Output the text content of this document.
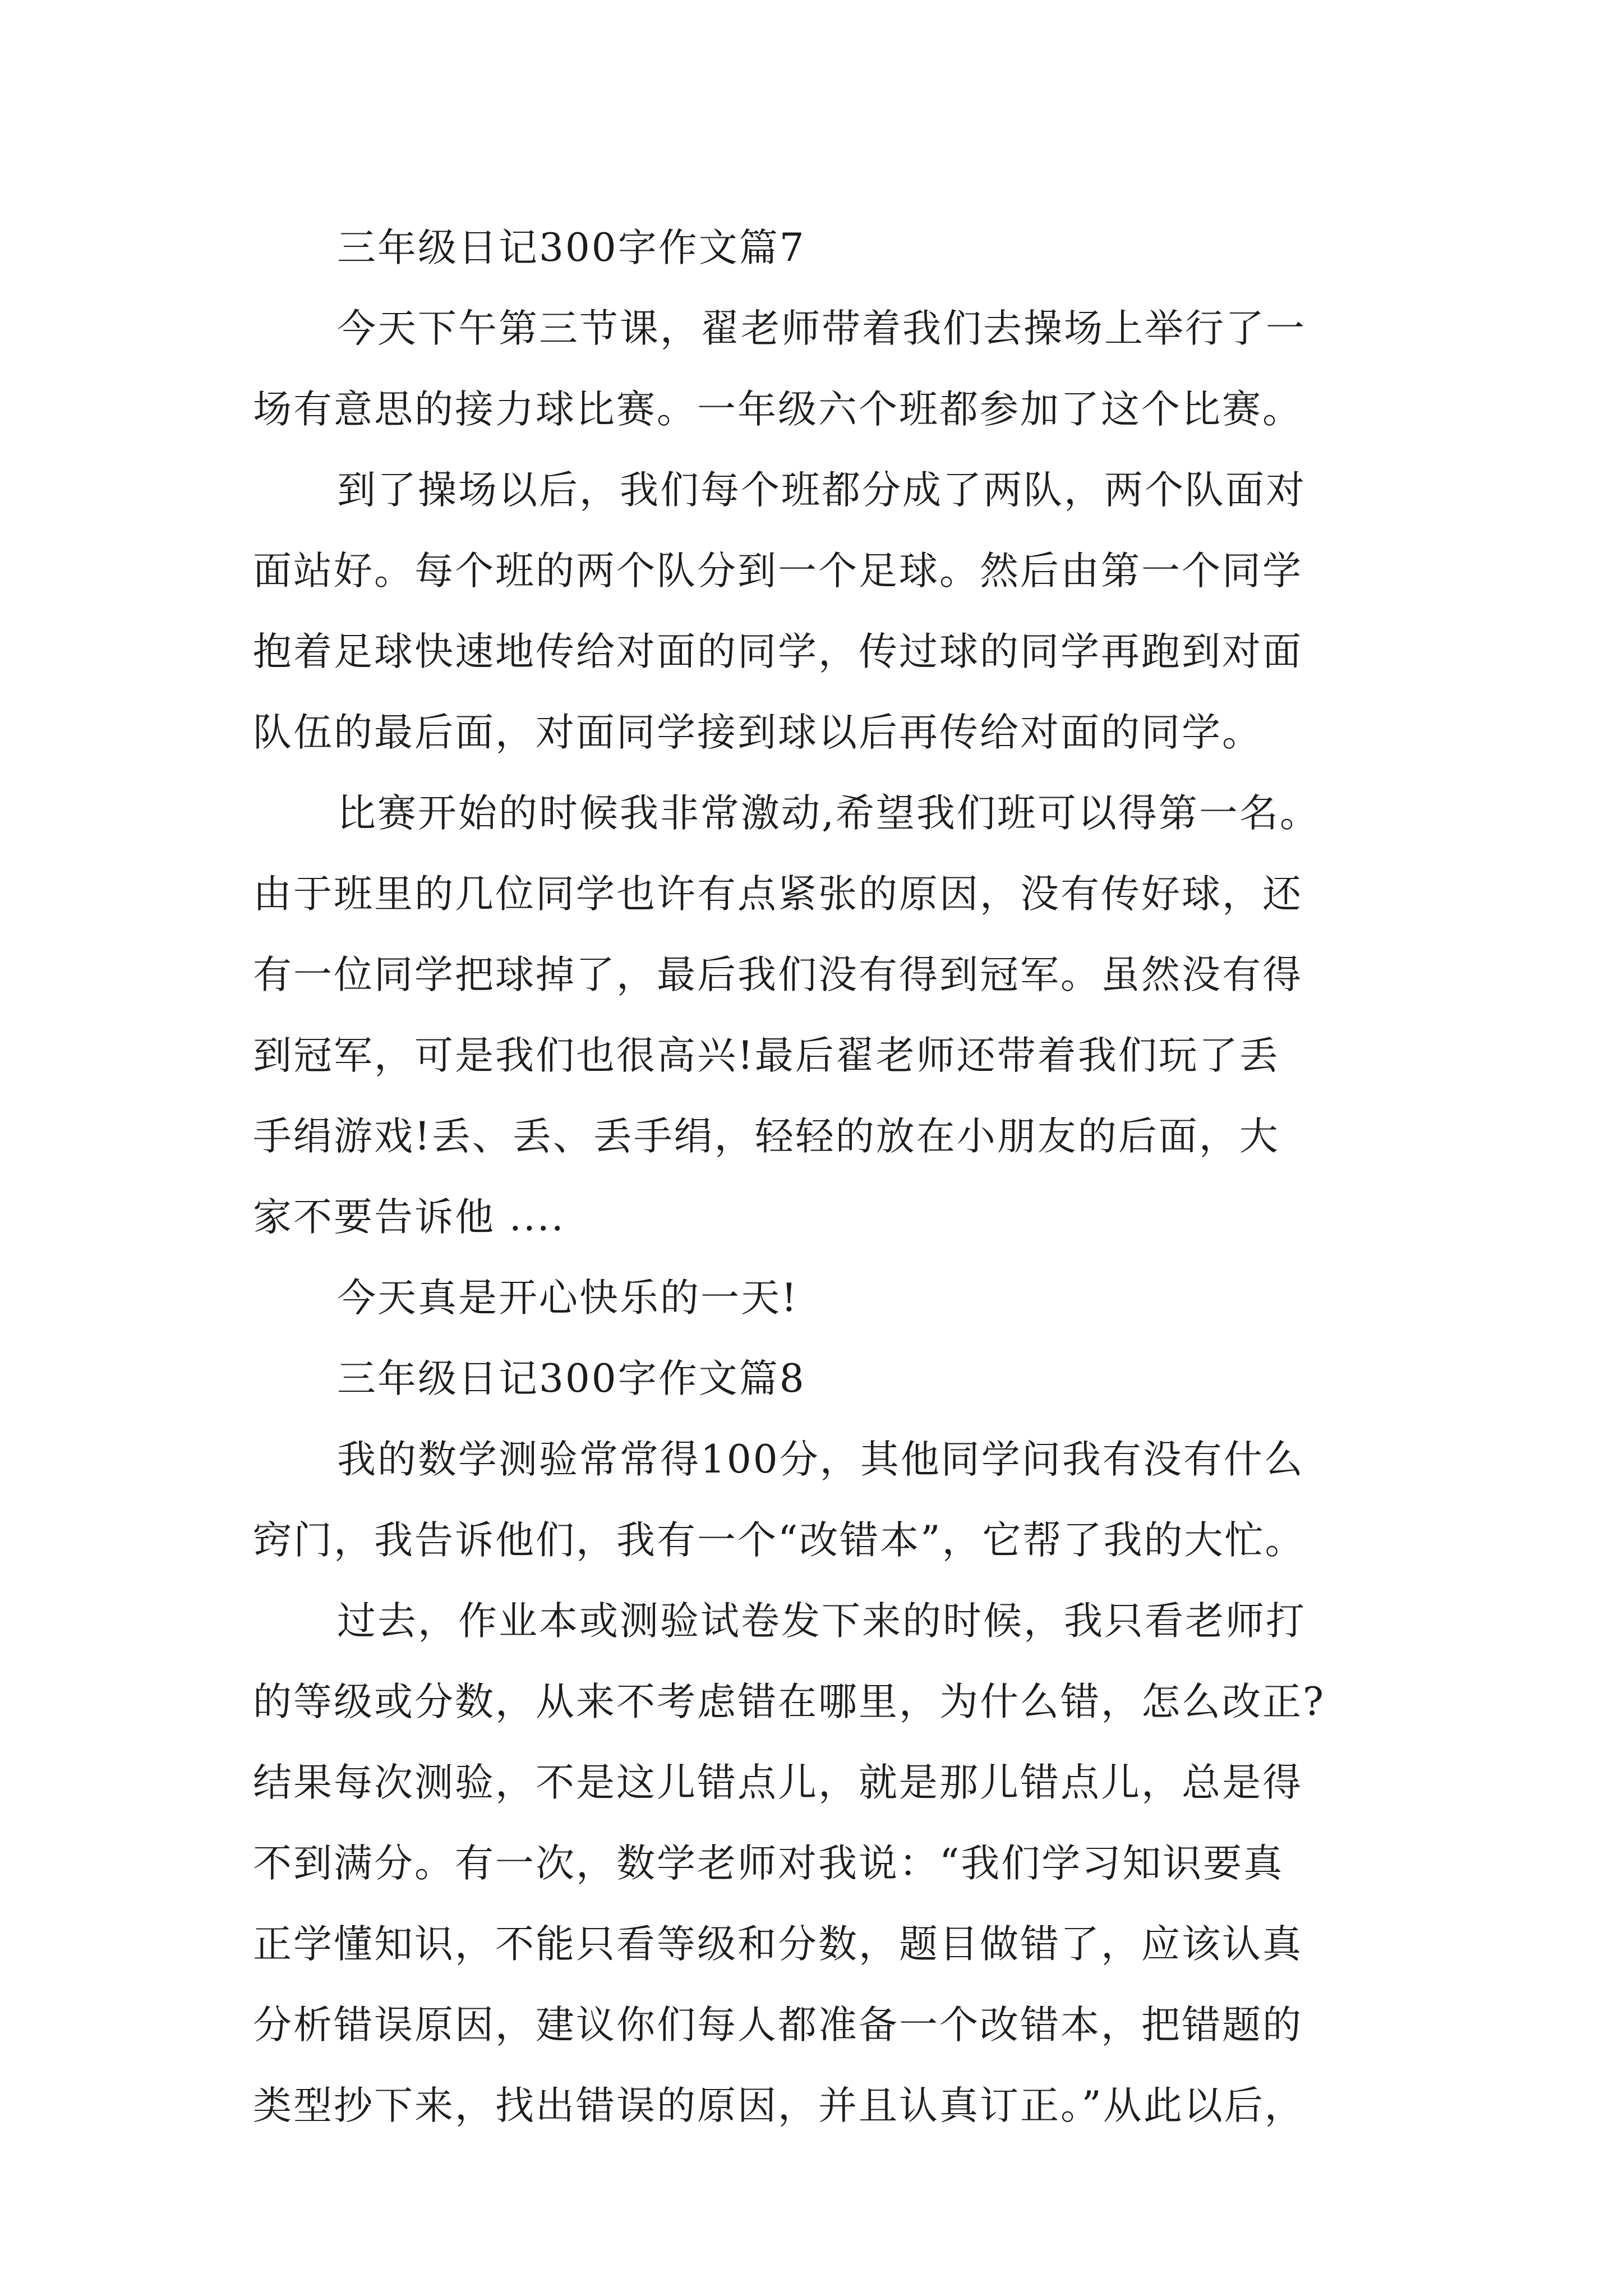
三年级日记300字作文篇7
今天下午第三节课，翟老师带着我们去操场上举行了一
场有意思的接力球比赛。一年级六个班都参加了这个比赛。
到了操场以后，我们每个班都分成了两队，两个队面对
面站好。每个班的两个队分到一个足球。然后由第一个同学
抱着足球快速地传给对面的同学，传过球的同学再跑到对面
队伍的最后面，对面同学接到球以后再传给对面的同学。
比赛开始的时候我非常激动,希望我们班可以得第一名。
由于班里的几位同学也许有点紧张的原因，没有传好球，还
有一位同学把球掉了，最后我们没有得到冠军。虽然没有得
到冠军，可是我们也很高兴!最后翟老师还带着我们玩了丢
手绢游戏!丢、丢、丢手绢，轻轻的放在小朋友的后面，大
家不要告诉他 ....
今天真是开心快乐的一天!
三年级日记300字作文篇8
我的数学测验常常得100分，其他同学问我有没有什么
窍门，我告诉他们，我有一个“改错本”，它帮了我的大忙。
过去，作业本或测验试卷发下来的时候，我只看老师打
的等级或分数，从来不考虑错在哪里，为什么错，怎么改正?
结果每次测验，不是这儿错点儿，就是那儿错点儿，总是得
不到满分。有一次，数学老师对我说：“我们学习知识要真
正学懂知识，不能只看等级和分数，题目做错了，应该认真
分析错误原因，建议你们每人都准备一个改错本，把错题的
类型抄下来，找出错误的原因，并且认真订正。”从此以后，
